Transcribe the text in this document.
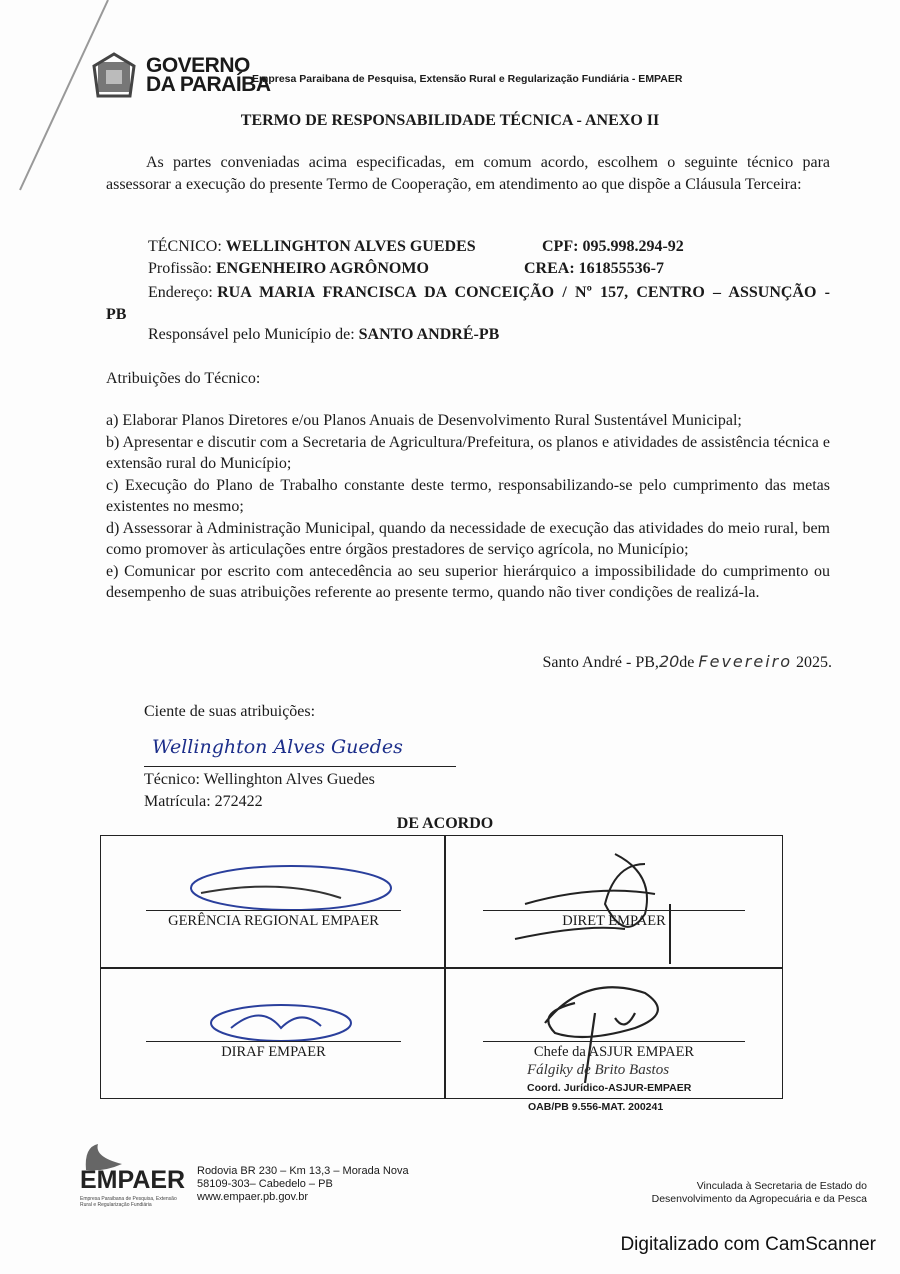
GOVERNO
DA PARAÍBA
Empresa Paraibana de Pesquisa, Extensão Rural e Regularização Fundiária - EMPAER
TERMO DE RESPONSABILIDADE TÉCNICA - ANEXO II
As partes conveniadas acima especificadas, em comum acordo, escolhem o seguinte técnico para assessorar a execução do presente Termo de Cooperação, em atendimento ao que dispõe a Cláusula Terceira:
TÉCNICO: WELLINGHTON ALVES GUEDES	CPF: 095.998.294-92
Profissão: ENGENHEIRO AGRÔNOMO	CREA: 161855536-7
Endereço: RUA MARIA FRANCISCA DA CONCEIÇÃO / Nº 157, CENTRO – ASSUNÇÃO - PB
Responsável pelo Município de: SANTO ANDRÉ-PB
Atribuições do Técnico:
a) Elaborar Planos Diretores e/ou Planos Anuais de Desenvolvimento Rural Sustentável Municipal;
b) Apresentar e discutir com a Secretaria de Agricultura/Prefeitura, os planos e atividades de assistência técnica e extensão rural do Município;
c) Execução do Plano de Trabalho constante deste termo, responsabilizando-se pelo cumprimento das metas existentes no mesmo;
d) Assessorar à Administração Municipal, quando da necessidade de execução das atividades do meio rural, bem como promover às articulações entre órgãos prestadores de serviço agrícola, no Município;
e) Comunicar por escrito com antecedência ao seu superior hierárquico a impossibilidade do cumprimento ou desempenho de suas atribuições referente ao presente termo, quando não tiver condições de realizá-la.
Santo André - PB,20de Fevereiro 2025.
Ciente de suas atribuições:
Wellinghton Alves Guedes
Técnico: Wellinghton Alves Guedes
Matrícula: 272422
DE ACORDO
GERÊNCIA REGIONAL EMPAER	DIRET EMPAER
DIRAF EMPAER	Chefe da ASJUR EMPAER
Fálgiky de Brito Bastos
Coord. Jurídico-ASJUR-EMPAER
OAB/PB 9.556-MAT. 200241
EMPAER
Empresa Paraibana de Pesquisa, Extensão Rural e Regularização Fundiária
Rodovia BR 230 – Km 13,3 – Morada Nova
58109-303– Cabedelo – PB
www.empaer.pb.gov.br
Vinculada à Secretaria de Estado do
Desenvolvimento da Agropecuária e da Pesca
Digitalizado com CamScanner
